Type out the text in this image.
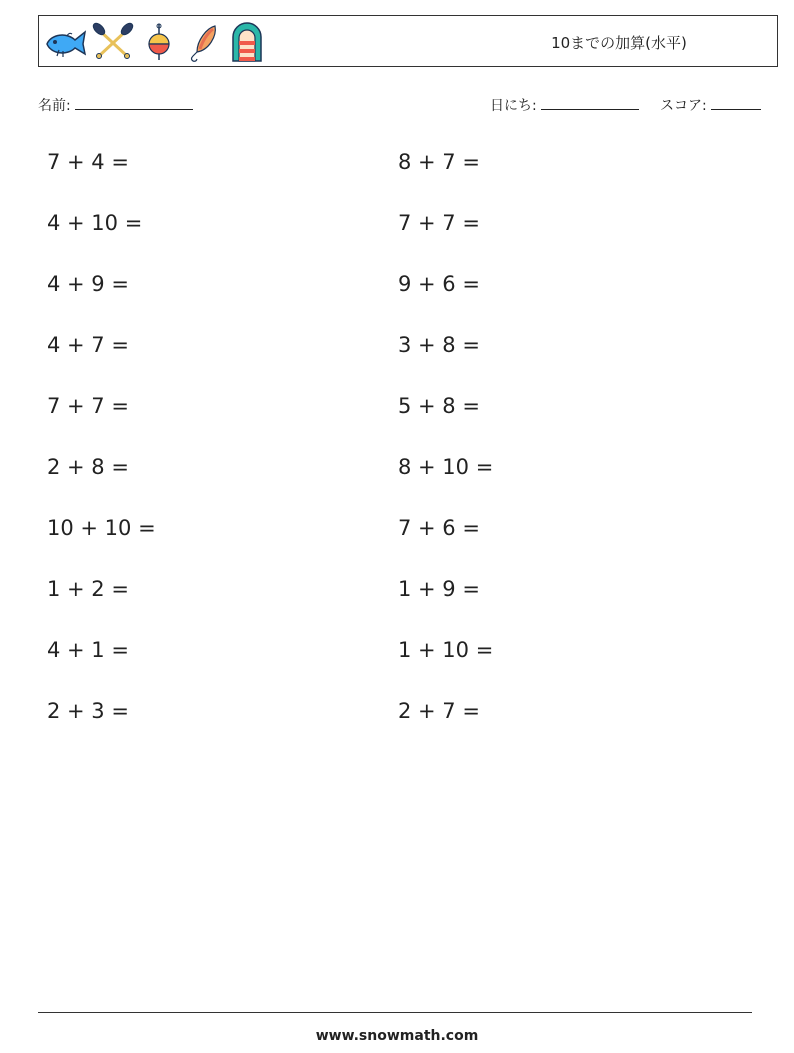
10までの加算(水平)
名前:	日にち:	スコア:
7 + 4 =
4 + 10 =
4 + 9 =
4 + 7 =
7 + 7 =
2 + 8 =
10 + 10 =
1 + 2 =
4 + 1 =
2 + 3 =
8 + 7 =
7 + 7 =
9 + 6 =
3 + 8 =
5 + 8 =
8 + 10 =
7 + 6 =
1 + 9 =
1 + 10 =
2 + 7 =
www.snowmath.com
